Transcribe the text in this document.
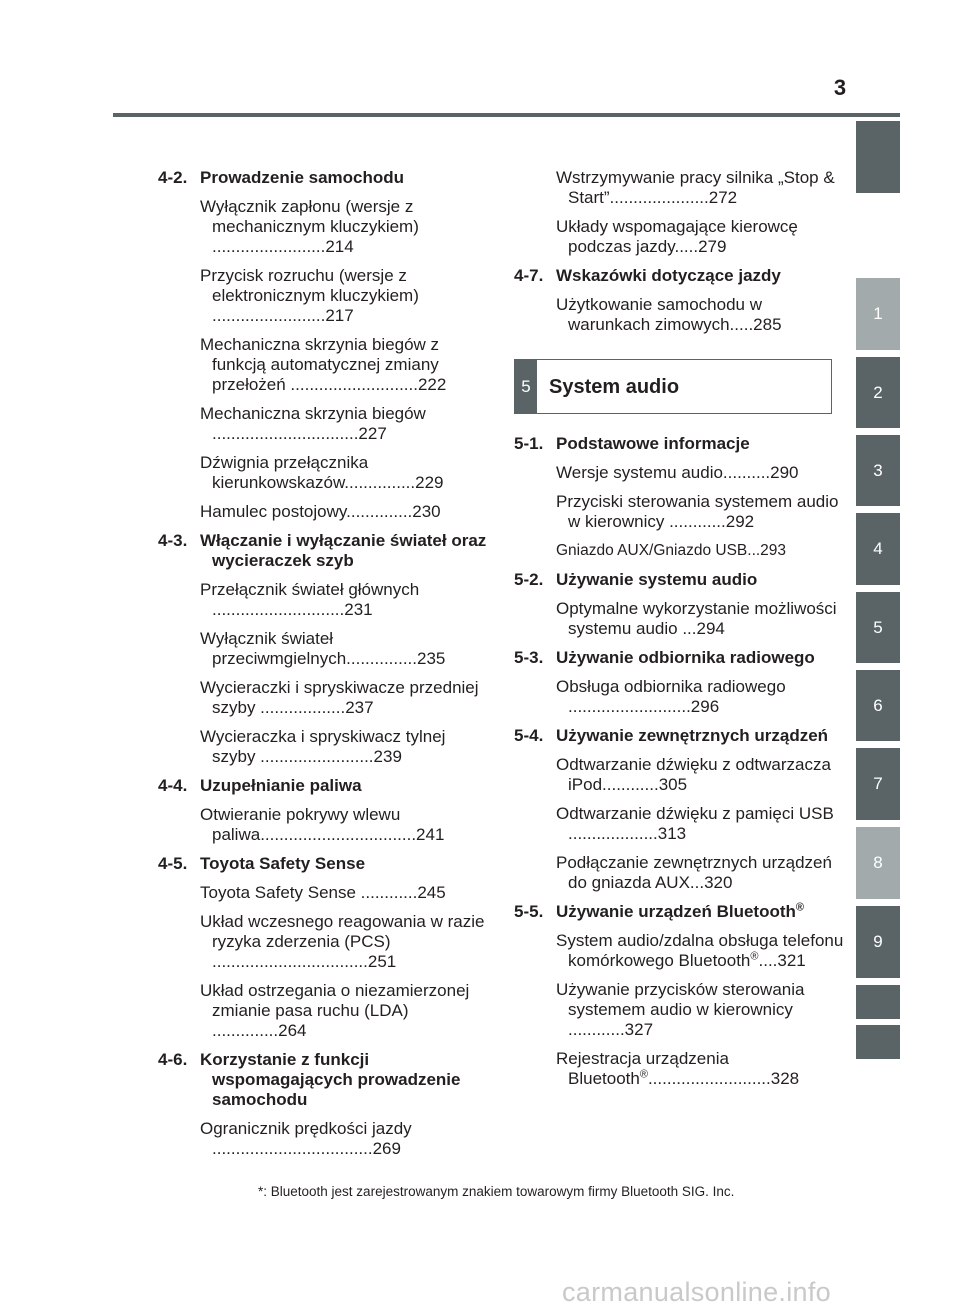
3
1
2
3
4
5
6
7
8
9
4-2. Prowadzenie samochodu
Wyłącznik zapłonu (wersje z mechanicznym kluczykiem) ........................214
Przycisk rozruchu (wersje z elektronicznym kluczykiem) ........................217
Mechaniczna skrzynia biegów z funkcją automatycznej zmiany przełożeń ...........................222
Mechaniczna skrzynia biegów ...............................227
Dźwignia przełącznika kierunkowskazów...............229
Hamulec postojowy..............230
4-3. Włączanie i wyłączanie świateł oraz wycieraczek szyb
Przełącznik świateł głównych ............................231
Wyłącznik świateł przeciwmgielnych...............235
Wycieraczki i spryskiwacze przedniej szyby ..................237
Wycieraczka i spryskiwacz tylnej szyby ........................239
4-4. Uzupełnianie paliwa
Otwieranie pokrywy wlewu paliwa.................................241
4-5. Toyota Safety Sense
Toyota Safety Sense ............245
Układ wczesnego reagowania w razie ryzyka zderzenia (PCS) .................................251
Układ ostrzegania o niezamierzonej zmianie pasa ruchu (LDA) ..............264
4-6. Korzystanie z funkcji wspomagających prowadzenie samochodu
Ogranicznik prędkości jazdy ..................................269
Wstrzymywanie pracy silnika „Stop & Start”.....................272
Układy wspomagające kierowcę podczas jazdy.....279
4-7. Wskazówki dotyczące jazdy
Użytkowanie samochodu w warunkach zimowych.....285
5 System audio
5-1. Podstawowe informacje
Wersje systemu audio..........290
Przyciski sterowania systemem audio w kierownicy ............292
Gniazdo AUX/Gniazdo USB...293
5-2. Używanie systemu audio
Optymalne wykorzystanie możliwości systemu audio ...294
5-3. Używanie odbiornika radiowego
Obsługa odbiornika radiowego ..........................296
5-4. Używanie zewnętrznych urządzeń
Odtwarzanie dźwięku z odtwarzacza iPod............305
Odtwarzanie dźwięku z pamięci USB ...................313
Podłączanie zewnętrznych urządzeń do gniazda AUX...320
5-5. Używanie urządzeń Bluetooth®
System audio/zdalna obsługa telefonu komórkowego Bluetooth®....321
Używanie przycisków sterowania systemem audio w kierownicy ............327
Rejestracja urządzenia Bluetooth®..........................328
*: Bluetooth jest zarejestrowanym znakiem towarowym firmy Bluetooth SIG. Inc.
carmanualsonline.info
